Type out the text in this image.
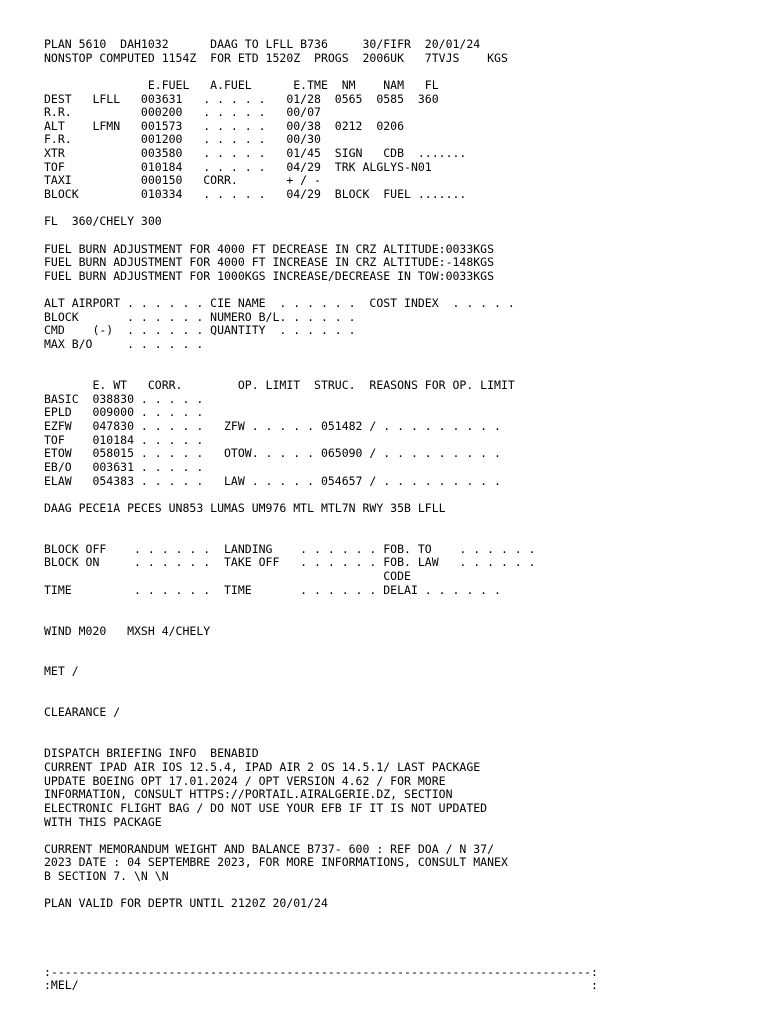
PLAN 5610  DAH1032      DAAG TO LFLL B736     30/FIFR  20/01/24
NONSTOP COMPUTED 1154Z  FOR ETD 1520Z  PROGS  2006UK   7TVJS    KGS
E.FUEL   A.FUEL      E.TME  NM    NAM   FL
DEST   LFLL   003631   . . . . .   01/28  0565  0585  360
R.R.          000200   . . . . .   00/07
ALT    LFMN   001573   . . . . .   00/38  0212  0206
F.R.          001200   . . . . .   00/30
XTR           003580   . . . . .   01/45  SIGN   CDB  .......
TOF           010184   . . . . .   04/29  TRK ALGLYS-N01
TAXI          000150   CORR.       + / -
BLOCK         010334   . . . . .   04/29  BLOCK  FUEL .......
FL  360/CHELY 300
FUEL BURN ADJUSTMENT FOR 4000 FT DECREASE IN CRZ ALTITUDE:0033KGS
FUEL BURN ADJUSTMENT FOR 4000 FT INCREASE IN CRZ ALTITUDE:-148KGS
FUEL BURN ADJUSTMENT FOR 1000KGS INCREASE/DECREASE IN TOW:0033KGS
ALT AIRPORT . . . . . . CIE NAME  . . . . . .  COST INDEX  . . . . .
BLOCK       . . . . . . NUMERO B/L. . . . . .
CMD    (-)  . . . . . . QUANTITY  . . . . . .
MAX B/O     . . . . . .
E. WT   CORR.        OP. LIMIT  STRUC.  REASONS FOR OP. LIMIT
BASIC  038830 . . . . .
EPLD   009000 . . . . .
EZFW   047830 . . . . .   ZFW . . . . . 051482 / . . . . . . . . .
TOF    010184 . . . . .
ETOW   058015 . . . . .   OTOW. . . . . 065090 / . . . . . . . . .
EB/O   003631 . . . . .
ELAW   054383 . . . . .   LAW . . . . . 054657 / . . . . . . . . .
DAAG PECE1A PECES UN853 LUMAS UM976 MTL MTL7N RWY 35B LFLL
BLOCK OFF    . . . . . .  LANDING    . . . . . . FOB. TO    . . . . . .
BLOCK ON     . . . . . .  TAKE OFF   . . . . . . FOB. LAW   . . . . . .
CODE
TIME         . . . . . .  TIME       . . . . . . DELAI . . . . . .
WIND M020   MXSH 4/CHELY
MET /
CLEARANCE /
DISPATCH BRIEFING INFO  BENABID
CURRENT IPAD AIR IOS 12.5.4, IPAD AIR 2 OS 14.5.1/ LAST PACKAGE
UPDATE BOEING OPT 17.01.2024 / OPT VERSION 4.62 / FOR MORE
INFORMATION, CONSULT HTTPS://PORTAIL.AIRALGERIE.DZ, SECTION
ELECTRONIC FLIGHT BAG / DO NOT USE YOUR EFB IF IT IS NOT UPDATED
WITH THIS PACKAGE
CURRENT MEMORANDUM WEIGHT AND BALANCE B737- 600 : REF DOA / N 37/
2023 DATE : 04 SEPTEMBRE 2023, FOR MORE INFORMATIONS, CONSULT MANEX
B SECTION 7. \N \N
PLAN VALID FOR DEPTR UNTIL 2120Z 20/01/24
:------------------------------------------------------------------------------:
:MEL/                                                                          :
